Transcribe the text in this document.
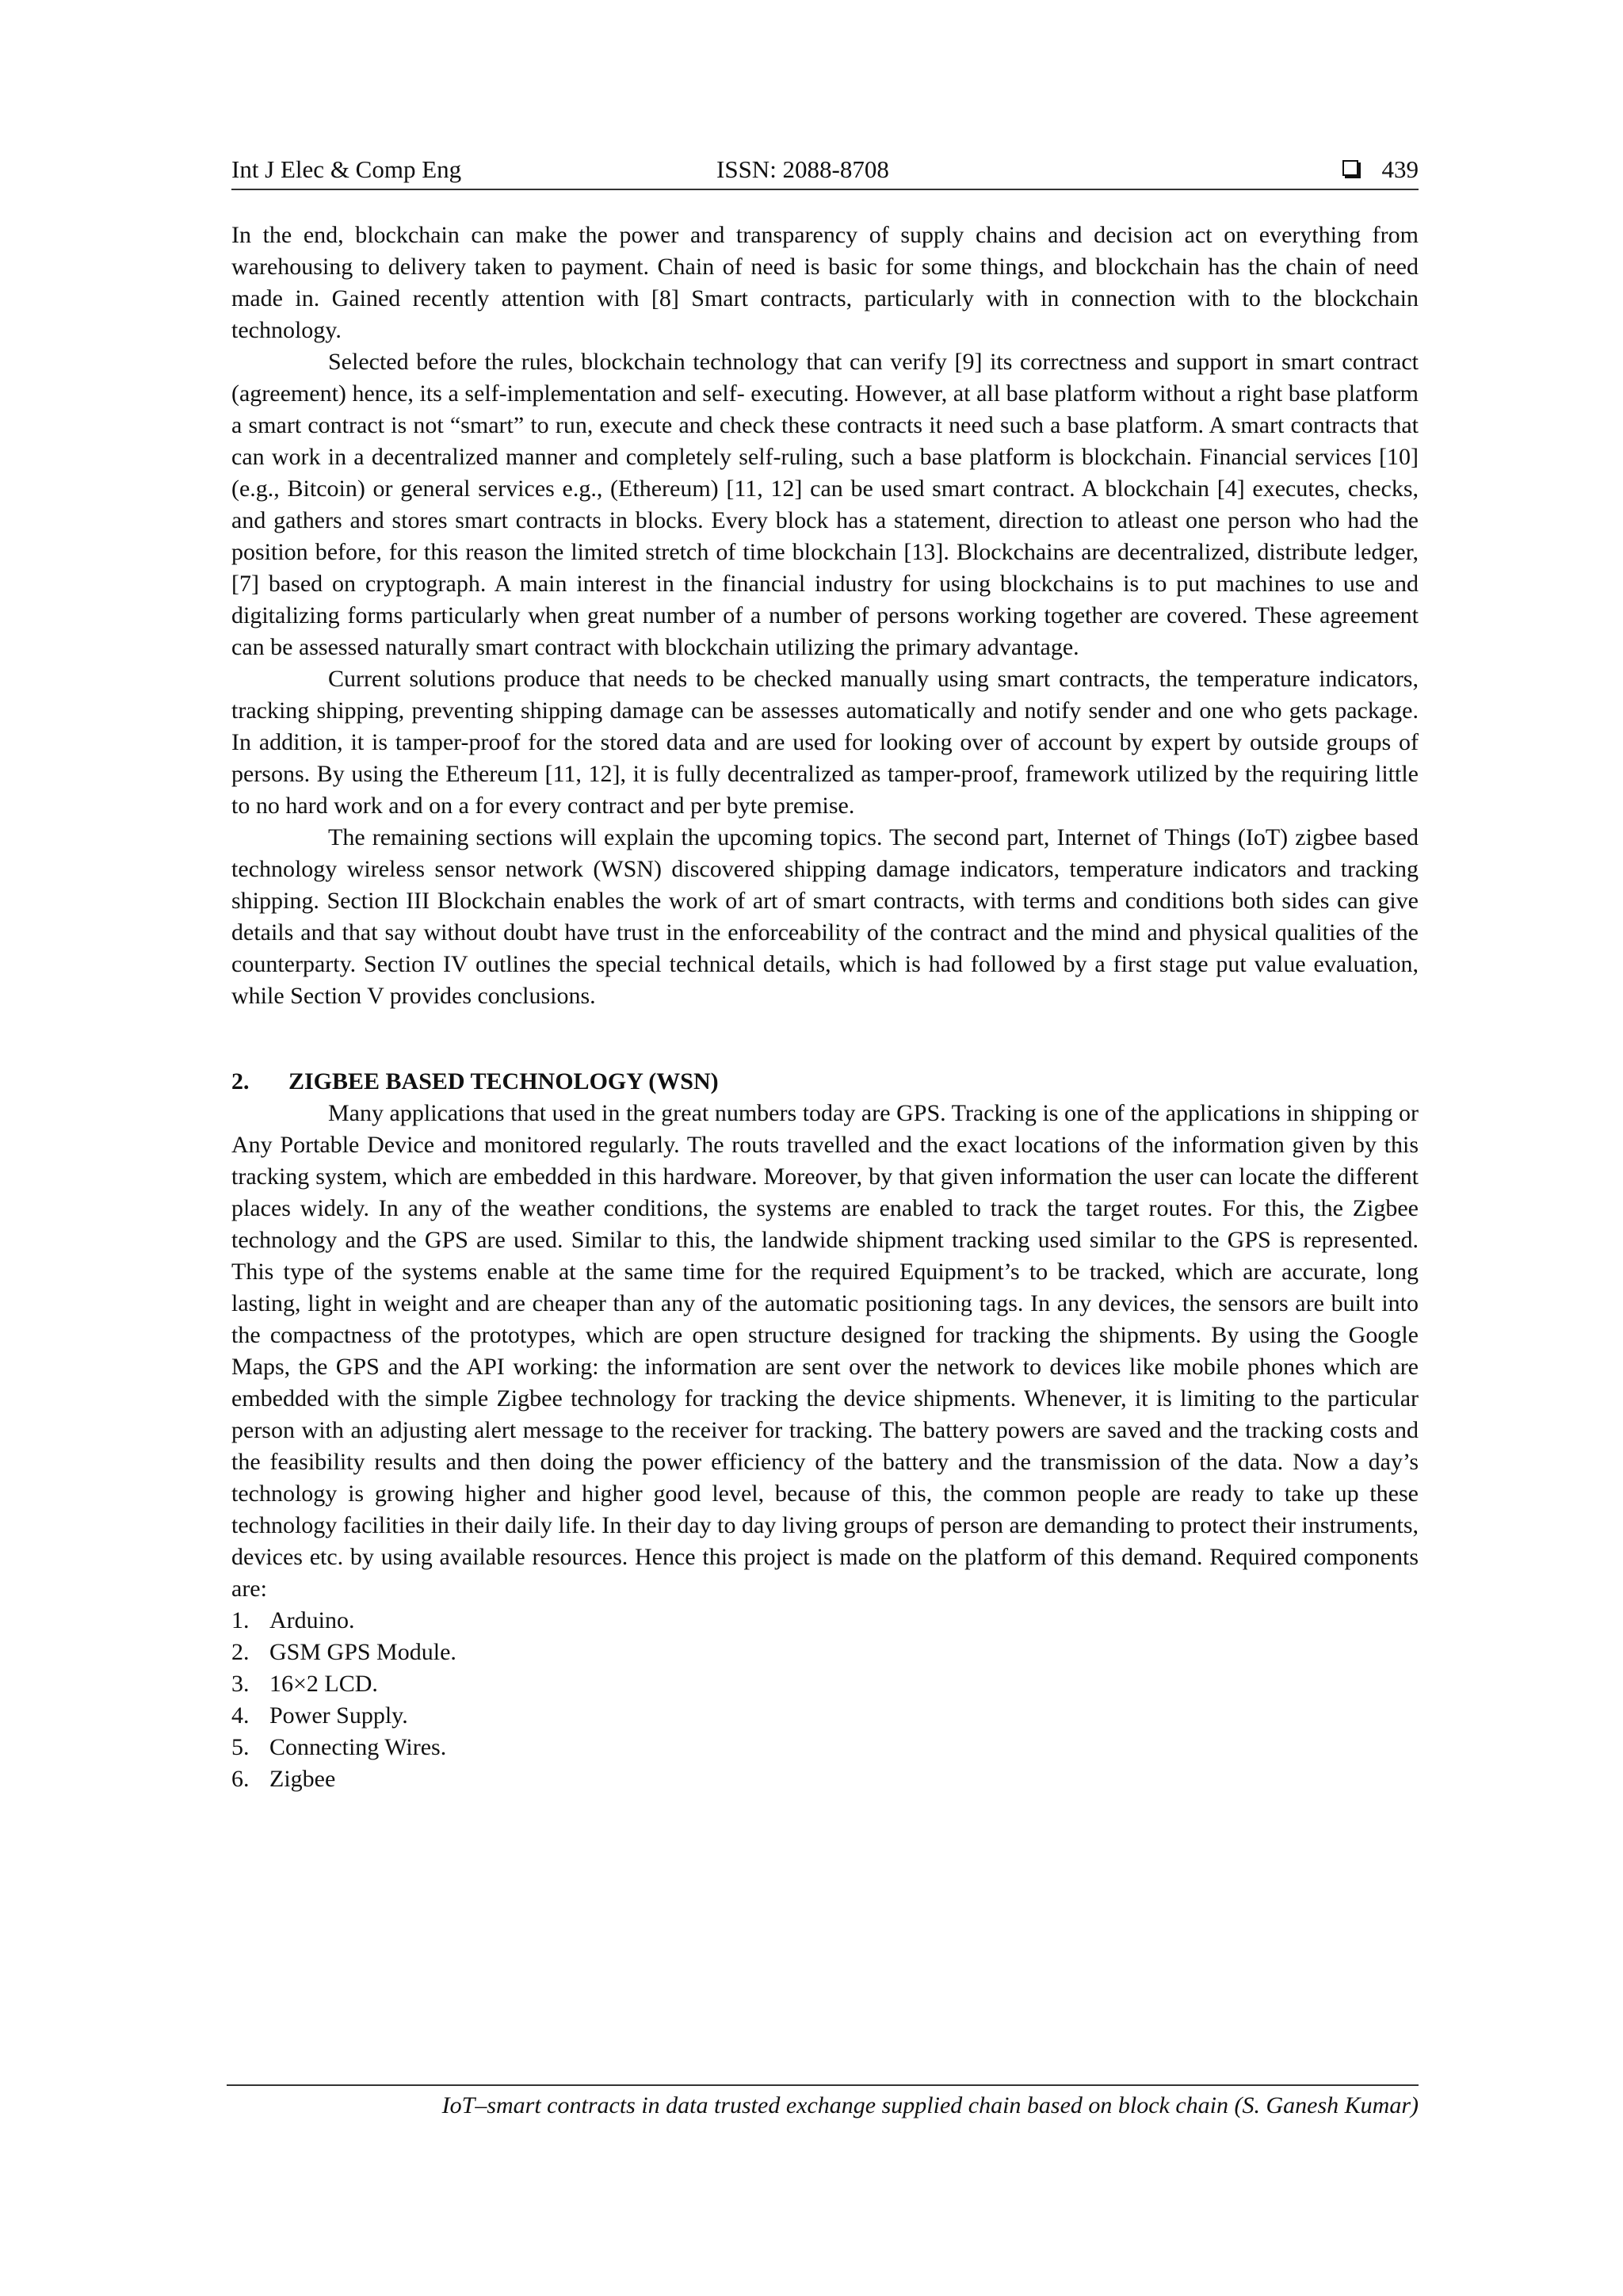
Int J Elec & Comp Eng	ISSN: 2088-8708	439

In the end, blockchain can make the power and transparency of supply chains and decision act on everything from warehousing to delivery taken to payment. Chain of need is basic for some things, and blockchain has the chain of need made in. Gained recently attention with [8] Smart contracts, particularly with in connection with to the blockchain technology.

Selected before the rules, blockchain technology that can verify [9] its correctness and support in smart contract (agreement) hence, its a self-implementation and self- executing. However, at all base platform without a right base platform a smart contract is not “smart” to run, execute and check these contracts it need such a base platform. A smart contracts that can work in a decentralized manner and completely self-ruling, such a base platform is blockchain. Financial services [10] (e.g., Bitcoin) or general services e.g., (Ethereum) [11, 12] can be used smart contract. A blockchain [4] executes, checks, and gathers and stores smart contracts in blocks. Every block has a statement, direction to atleast one person who had the position before, for this reason the limited stretch of time blockchain [13]. Blockchains are decentralized, distribute ledger, [7] based on cryptograph. A main interest in the financial industry for using blockchains is to put machines to use and digitalizing forms particularly when great number of a number of persons working together are covered. These agreement can be assessed naturally smart contract with blockchain utilizing the primary advantage.

Current solutions produce that needs to be checked manually using smart contracts, the temperature indicators, tracking shipping, preventing shipping damage can be assesses automatically and notify sender and one who gets package. In addition, it is tamper-proof for the stored data and are used for looking over of account by expert by outside groups of persons. By using the Ethereum [11, 12], it is fully decentralized as tamper-proof, framework utilized by the requiring little to no hard work and on a for every contract and per byte premise.

The remaining sections will explain the upcoming topics. The second part, Internet of Things (IoT) zigbee based technology wireless sensor network (WSN) discovered shipping damage indicators, temperature indicators and tracking shipping. Section III Blockchain enables the work of art of smart contracts, with terms and conditions both sides can give details and that say without doubt have trust in the enforceability of the contract and the mind and physical qualities of the counterparty. Section IV outlines the special technical details, which is had followed by a first stage put value evaluation, while Section V provides conclusions.

2. ZIGBEE BASED TECHNOLOGY (WSN)

Many applications that used in the great numbers today are GPS. Tracking is one of the applications in shipping or Any Portable Device and monitored regularly. The routs travelled and the exact locations of the information given by this tracking system, which are embedded in this hardware. Moreover, by that given information the user can locate the different places widely. In any of the weather conditions, the systems are enabled to track the target routes. For this, the Zigbee technology and the GPS are used. Similar to this, the landwide shipment tracking used similar to the GPS is represented. This type of the systems enable at the same time for the required Equipment’s to be tracked, which are accurate, long lasting, light in weight and are cheaper than any of the automatic positioning tags. In any devices, the sensors are built into the compactness of the prototypes, which are open structure designed for tracking the shipments. By using the Google Maps, the GPS and the API working: the information are sent over the network to devices like mobile phones which are embedded with the simple Zigbee technology for tracking the device shipments. Whenever, it is limiting to the particular person with an adjusting alert message to the receiver for tracking. The battery powers are saved and the tracking costs and the feasibility results and then doing the power efficiency of the battery and the transmission of the data. Now a day’s technology is growing higher and higher good level, because of this, the common people are ready to take up these technology facilities in their daily life. In their day to day living groups of person are demanding to protect their instruments, devices etc. by using available resources. Hence this project is made on the platform of this demand. Required components are:

1. Arduino.
2. GSM GPS Module.
3. 16×2 LCD.
4. Power Supply.
5. Connecting Wires.
6. Zigbee
IoT–smart contracts in data trusted exchange supplied chain based on block chain (S. Ganesh Kumar)
